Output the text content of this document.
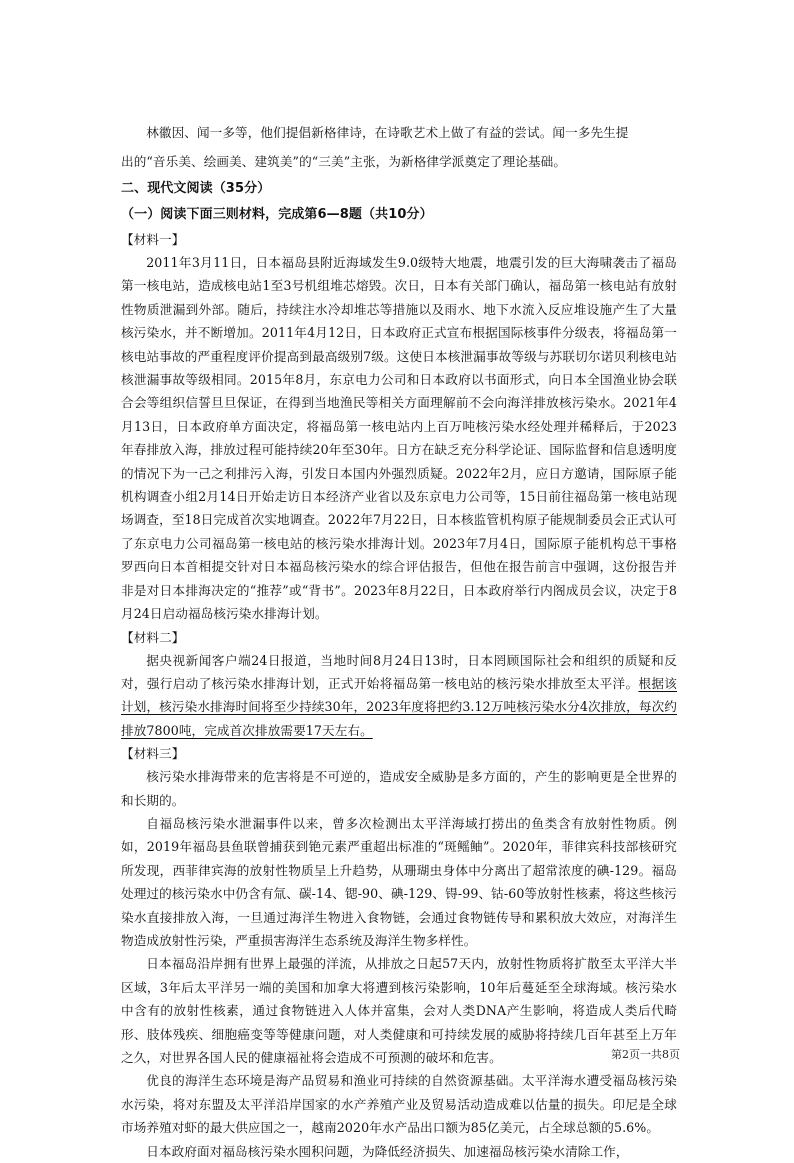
林徽因、闻一多等，他们提倡新格律诗，在诗歌艺术上做了有益的尝试。闻一多先生提

出的“音乐美、绘画美、建筑美”的“三美”主张，为新格律学派奠定了理论基础。

二、现代文阅读（35分）

（一）阅读下面三则材料，完成第6—8题（共10分）

【材料一】

2011年3月11日，日本福岛县附近海域发生9.0级特大地震，地震引发的巨大海啸袭击了福岛第一核电站，造成核电站1至3号机组堆芯熔毁。次日，日本有关部门确认，福岛第一核电站有放射性物质泄漏到外部。随后，持续注水冷却堆芯等措施以及雨水、地下水流入反应堆设施产生了大量核污染水，并不断增加。2011年4月12日，日本政府正式宣布根据国际核事件分级表，将福岛第一核电站事故的严重程度评价提高到最高级别7级。这使日本核泄漏事故等级与苏联切尔诺贝利核电站核泄漏事故等级相同。2015年8月，东京电力公司和日本政府以书面形式，向日本全国渔业协会联合会等组织信誓旦旦保证，在得到当地渔民等相关方面理解前不会向海洋排放核污染水。2021年4月13日，日本政府单方面决定，将福岛第一核电站内上百万吨核污染水经处理并稀释后，于2023年春排放入海，排放过程可能持续20年至30年。日方在缺乏充分科学论证、国际监督和信息透明度的情况下为一己之利排污入海，引发日本国内外强烈质疑。2022年2月，应日方邀请，国际原子能机构调查小组2月14日开始走访日本经济产业省以及东京电力公司等，15日前往福岛第一核电站现场调查，至18日完成首次实地调查。2022年7月22日，日本核监管机构原子能规制委员会正式认可了东京电力公司福岛第一核电站的核污染水排海计划。2023年7月4日，国际原子能机构总干事格罗西向日本首相提交针对日本福岛核污染水的综合评估报告，但他在报告前言中强调，这份报告并非是对日本排海决定的“推荐”或“背书”。2023年8月22日，日本政府举行内阁成员会议，决定于8月24日启动福岛核污染水排海计划。

【材料二】

据央视新闻客户端24日报道，当地时间8月24日13时，日本罔顾国际社会和组织的质疑和反对，强行启动了核污染水排海计划，正式开始将福岛第一核电站的核污染水排放至太平洋。根据该计划，核污染水排海时间将至少持续30年，2023年度将把约3.12万吨核污染水分4次排放，每次约排放7800吨，完成首次排放需要17天左右。

【材料三】

核污染水排海带来的危害将是不可逆的，造成安全威胁是多方面的，产生的影响更是全世界的和长期的。

自福岛核污染水泄漏事件以来，曾多次检测出太平洋海域打捞出的鱼类含有放射性物质。例如，2019年福岛县鱼联曾捕获到铯元素严重超出标准的“斑鳐鲉”。2020年，菲律宾科技部核研究所发现，西菲律宾海的放射性物质呈上升趋势，从珊瑚虫身体中分离出了超常浓度的碘-129。福岛处理过的核污染水中仍含有氚、碳-14、锶-90、碘-129、锝-99、钴-60等放射性核素，将这些核污染水直接排放入海，一旦通过海洋生物进入食物链，会通过食物链传导和累积放大效应，对海洋生物造成放射性污染，严重损害海洋生态系统及海洋生物多样性。

日本福岛沿岸拥有世界上最强的洋流，从排放之日起57天内，放射性物质将扩散至太平洋大半区域，3年后太平洋另一端的美国和加拿大将遭到核污染影响，10年后蔓延至全球海域。核污染水中含有的放射性核素，通过食物链进入人体并富集，会对人类DNA产生影响，将造成人类后代畸形、肢体残疾、细胞癌变等等健康问题，对人类健康和可持续发展的威胁将持续几百年甚至上万年之久，对世界各国人民的健康福祉将会造成不可预测的破坏和危害。

优良的海洋生态环境是海产品贸易和渔业可持续的自然资源基础。太平洋海水遭受福岛核污染水污染，将对东盟及太平洋沿岸国家的水产养殖产业及贸易活动造成难以估量的损失。印尼是全球市场养殖对虾的最大供应国之一，越南2020年水产品出口额为85亿美元，占全球总额的5.6%。

日本政府面对福岛核污染水囤积问题，为降低经济损失、加速福岛核污染水清除工作，

第2页一共8页
